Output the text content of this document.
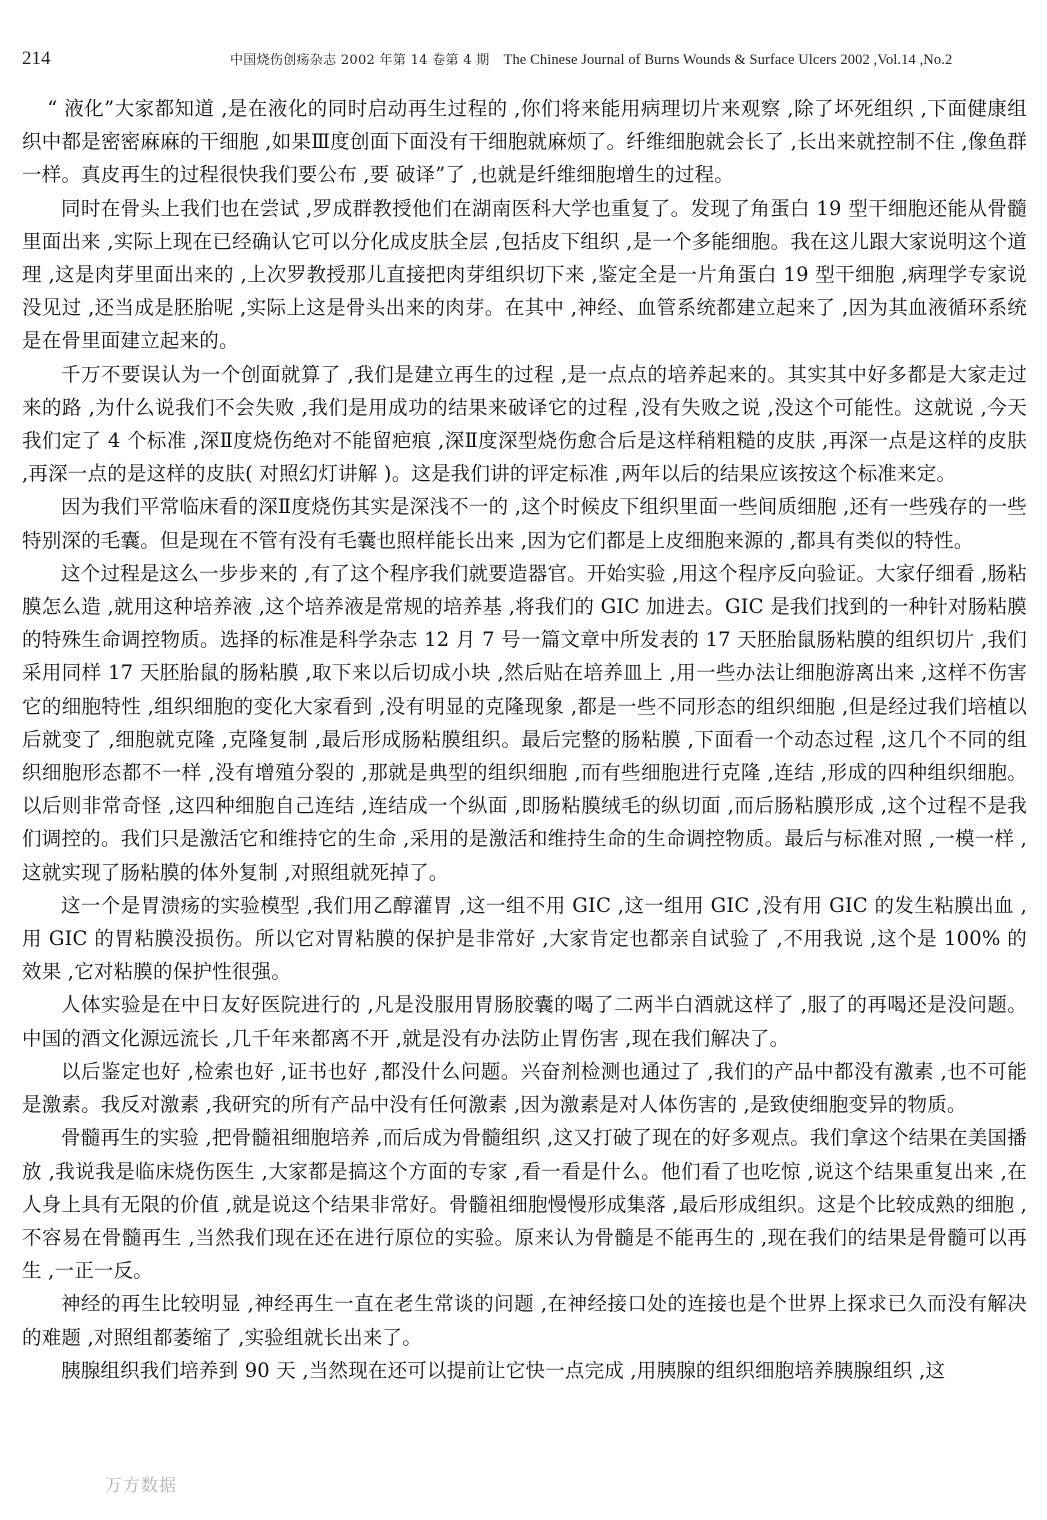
214	中国烧伤创疡杂志 2002 年第 14 卷第 4 期 The Chinese Journal of Burns Wounds & Surface Ulcers 2002 ,Vol.14 ,No.2

“ 液化”大家都知道 ,是在液化的同时启动再生过程的 ,你们将来能用病理切片来观察 ,除了坏死组织 ,下面健康组织中都是密密麻麻的干细胞 ,如果Ⅲ度创面下面没有干细胞就麻烦了。纤维细胞就会长了 ,长出来就控制不住 ,像鱼群一样。真皮再生的过程很快我们要公布 ,要 破译”了 ,也就是纤维细胞增生的过程。

同时在骨头上我们也在尝试 ,罗成群教授他们在湖南医科大学也重复了。发现了角蛋白 19 型干细胞还能从骨髓里面出来 ,实际上现在已经确认它可以分化成皮肤全层 ,包括皮下组织 ,是一个多能细胞。我在这儿跟大家说明这个道理 ,这是肉芽里面出来的 ,上次罗教授那儿直接把肉芽组织切下来 ,鉴定全是一片角蛋白 19 型干细胞 ,病理学专家说没见过 ,还当成是胚胎呢 ,实际上这是骨头出来的肉芽。在其中 ,神经、血管系统都建立起来了 ,因为其血液循环系统是在骨里面建立起来的。

千万不要误认为一个创面就算了 ,我们是建立再生的过程 ,是一点点的培养起来的。其实其中好多都是大家走过来的路 ,为什么说我们不会失败 ,我们是用成功的结果来破译它的过程 ,没有失败之说 ,没这个可能性。这就说 ,今天我们定了 4 个标准 ,深Ⅱ度烧伤绝对不能留疤痕 ,深Ⅱ度深型烧伤愈合后是这样稍粗糙的皮肤 ,再深一点是这样的皮肤 ,再深一点的是这样的皮肤( 对照幻灯讲解 )。这是我们讲的评定标准 ,两年以后的结果应该按这个标准来定。

因为我们平常临床看的深Ⅱ度烧伤其实是深浅不一的 ,这个时候皮下组织里面一些间质细胞 ,还有一些残存的一些特别深的毛囊。但是现在不管有没有毛囊也照样能长出来 ,因为它们都是上皮细胞来源的 ,都具有类似的特性。

这个过程是这么一步步来的 ,有了这个程序我们就要造器官。开始实验 ,用这个程序反向验证。大家仔细看 ,肠粘膜怎么造 ,就用这种培养液 ,这个培养液是常规的培养基 ,将我们的 GIC 加进去。GIC 是我们找到的一种针对肠粘膜的特殊生命调控物质。选择的标准是科学杂志 12 月 7 号一篇文章中所发表的 17 天胚胎鼠肠粘膜的组织切片 ,我们采用同样 17 天胚胎鼠的肠粘膜 ,取下来以后切成小块 ,然后贴在培养皿上 ,用一些办法让细胞游离出来 ,这样不伤害它的细胞特性 ,组织细胞的变化大家看到 ,没有明显的克隆现象 ,都是一些不同形态的组织细胞 ,但是经过我们培植以后就变了 ,细胞就克隆 ,克隆复制 ,最后形成肠粘膜组织。最后完整的肠粘膜 ,下面看一个动态过程 ,这几个不同的组织细胞形态都不一样 ,没有增殖分裂的 ,那就是典型的组织细胞 ,而有些细胞进行克隆 ,连结 ,形成的四种组织细胞。以后则非常奇怪 ,这四种细胞自己连结 ,连结成一个纵面 ,即肠粘膜绒毛的纵切面 ,而后肠粘膜形成 ,这个过程不是我们调控的。我们只是激活它和维持它的生命 ,采用的是激活和维持生命的生命调控物质。最后与标准对照 ,一模一样 ,这就实现了肠粘膜的体外复制 ,对照组就死掉了。

这一个是胃溃疡的实验模型 ,我们用乙醇灌胃 ,这一组不用 GIC ,这一组用 GIC ,没有用 GIC 的发生粘膜出血 ,用 GIC 的胃粘膜没损伤。所以它对胃粘膜的保护是非常好 ,大家肯定也都亲自试验了 ,不用我说 ,这个是 100% 的效果 ,它对粘膜的保护性很强。

人体实验是在中日友好医院进行的 ,凡是没服用胃肠胶囊的喝了二两半白酒就这样了 ,服了的再喝还是没问题。中国的酒文化源远流长 ,几千年来都离不开 ,就是没有办法防止胃伤害 ,现在我们解决了。

以后鉴定也好 ,检索也好 ,证书也好 ,都没什么问题。兴奋剂检测也通过了 ,我们的产品中都没有激素 ,也不可能是激素。我反对激素 ,我研究的所有产品中没有任何激素 ,因为激素是对人体伤害的 ,是致使细胞变异的物质。

骨髓再生的实验 ,把骨髓祖细胞培养 ,而后成为骨髓组织 ,这又打破了现在的好多观点。我们拿这个结果在美国播放 ,我说我是临床烧伤医生 ,大家都是搞这个方面的专家 ,看一看是什么。他们看了也吃惊 ,说这个结果重复出来 ,在人身上具有无限的价值 ,就是说这个结果非常好。骨髓祖细胞慢慢形成集落 ,最后形成组织。这是个比较成熟的细胞 ,不容易在骨髓再生 ,当然我们现在还在进行原位的实验。原来认为骨髓是不能再生的 ,现在我们的结果是骨髓可以再生 ,一正一反。

神经的再生比较明显 ,神经再生一直在老生常谈的问题 ,在神经接口处的连接也是个世界上探求已久而没有解决的难题 ,对照组都萎缩了 ,实验组就长出来了。

胰腺组织我们培养到 90 天 ,当然现在还可以提前让它快一点完成 ,用胰腺的组织细胞培养胰腺组织 ,这

万方数据
